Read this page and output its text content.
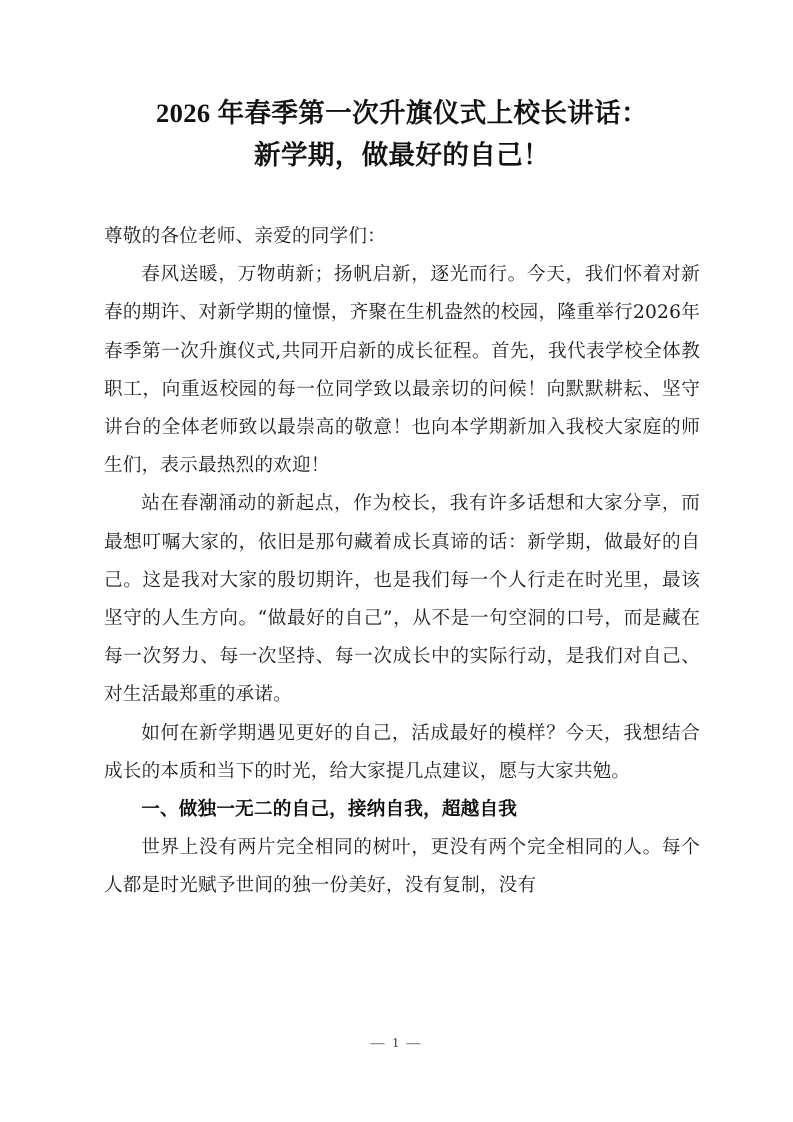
2026 年春季第一次升旗仪式上校长讲话：
新学期，做最好的自己！

尊敬的各位老师、亲爱的同学们：

春风送暖，万物萌新；扬帆启新，逐光而行。今天，我们怀着对新春的期许、对新学期的憧憬，齐聚在生机盎然的校园，隆重举行2026年春季第一次升旗仪式,共同开启新的成长征程。首先，我代表学校全体教职工，向重返校园的每一位同学致以最亲切的问候！向默默耕耘、坚守讲台的全体老师致以最崇高的敬意！也向本学期新加入我校大家庭的师生们，表示最热烈的欢迎！

站在春潮涌动的新起点，作为校长，我有许多话想和大家分享，而最想叮嘱大家的，依旧是那句藏着成长真谛的话：新学期，做最好的自己。这是我对大家的殷切期许，也是我们每一个人行走在时光里，最该坚守的人生方向。“做最好的自己”，从不是一句空洞的口号，而是藏在每一次努力、每一次坚持、每一次成长中的实际行动，是我们对自己、对生活最郑重的承诺。

如何在新学期遇见更好的自己，活成最好的模样？今天，我想结合成长的本质和当下的时光，给大家提几点建议，愿与大家共勉。

一、做独一无二的自己，接纳自我，超越自我

世界上没有两片完全相同的树叶，更没有两个完全相同的人。每个人都是时光赋予世间的独一份美好，没有复制，没有

— 1 —
